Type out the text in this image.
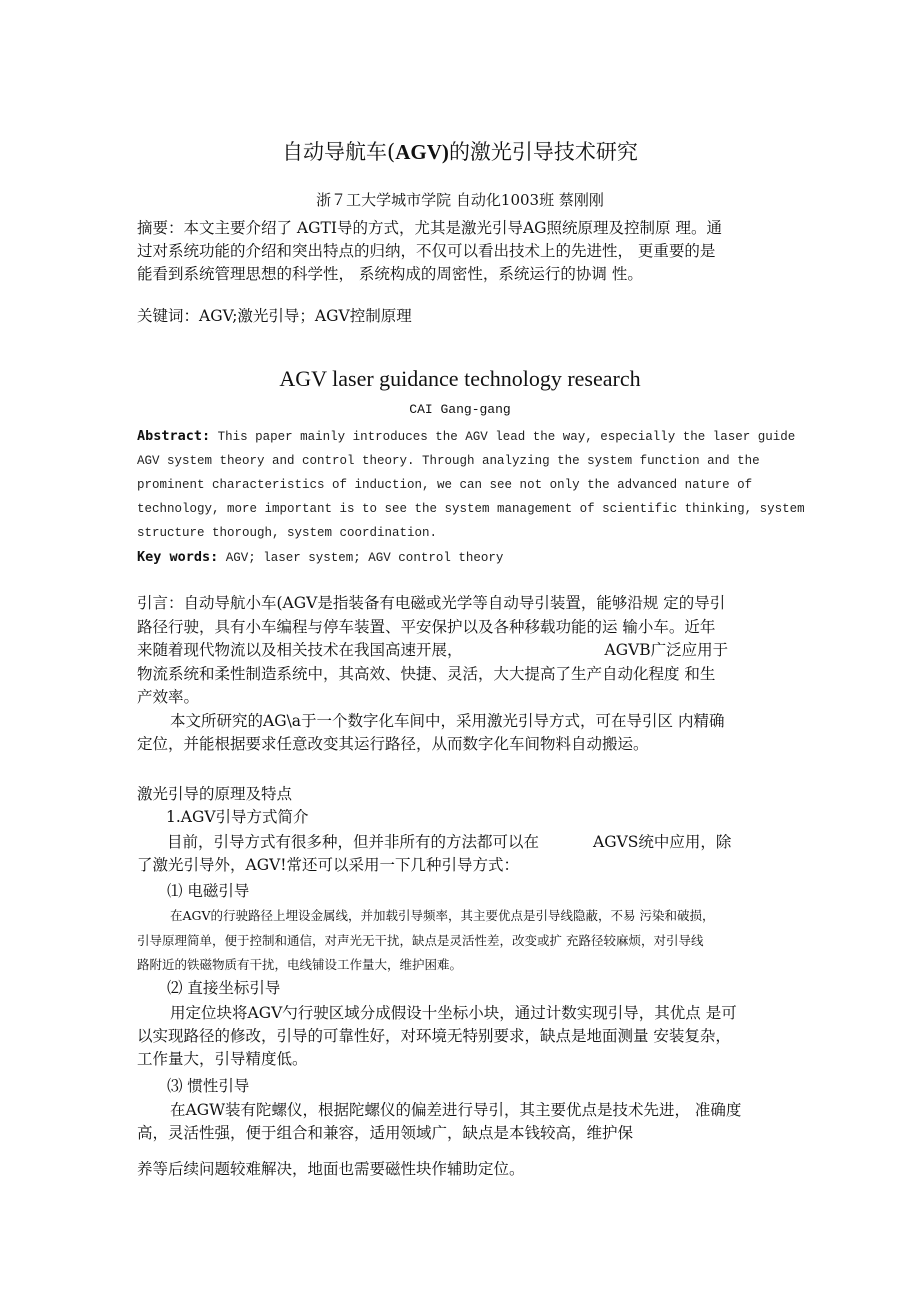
自动导航车(AGV)的激光引导技术研究
浙７工大学城市学院 自动化1003班 蔡刚刚
摘要：本文主要介绍了 AGTI导的方式，尤其是激光引导AG照统原理及控制原 理。通
过对系统功能的介绍和突出特点的归纳，不仅可以看出技术上的先进性， 更重要的是
能看到系统管理思想的科学性， 系统构成的周密性，系统运行的协调 性。
关键词：AGV;激光引导；AGV控制原理
AGV laser guidance technology research
CAI Gang-gang
Abstract: This paper mainly introduces the AGV lead the way, especially the laser guide
AGV system theory and control theory. Through analyzing the system function and the
prominent characteristics of induction, we can see not only the advanced nature of
technology, more important is to see the system management of scientific thinking, system
structure thorough, system coordination.
Key words: AGV; laser system; AGV control theory
引言：自动导航小车(AGV是指装备有电磁或光学等自动导引装置，能够沿规 定的导引
路径行驶，具有小车编程与停车装置、平安保护以及各种移载功能的运 输小车。近年
来随着现代物流以及相关技术在我国高速开展，	AGVB广泛应用于
物流系统和柔性制造系统中，其高效、快捷、灵活，大大提高了生产自动化程度 和生
产效率。
本文所研究的AG\a于一个数字化车间中，采用激光引导方式，可在导引区 内精确
定位，并能根据要求任意改变其运行路径，从而数字化车间物料自动搬运。
激光引导的原理及特点
1.AGV引导方式简介
目前，引导方式有很多种，但并非所有的方法都可以在	AGVS统中应用，除
了激光引导外，AGV!常还可以采用一下几种引导方式：
⑴ 电磁引导
在AGV的行驶路径上埋设金属线，并加载引导频率，其主要优点是引导线隐蔽，不易 污染和破损，
引导原理简单，便于控制和通信，对声光无干扰，缺点是灵活性差，改变或扩 充路径较麻烦，对引导线
路附近的铁磁物质有干扰，电线铺设工作量大，维护困难。
⑵ 直接坐标引导
用定位块将AGV勺行驶区域分成假设十坐标小块，通过计数实现引导，其优点 是可
以实现路径的修改，引导的可靠性好，对环境无特别要求，缺点是地面测量 安装复杂，
工作量大，引导精度低。
⑶ 惯性引导
在AGW装有陀螺仪，根据陀螺仪的偏差进行导引，其主要优点是技术先进， 准确度
高，灵活性强，便于组合和兼容，适用领域广，缺点是本钱较高，维护保
养等后续问题较难解决，地面也需要磁性块作辅助定位。
